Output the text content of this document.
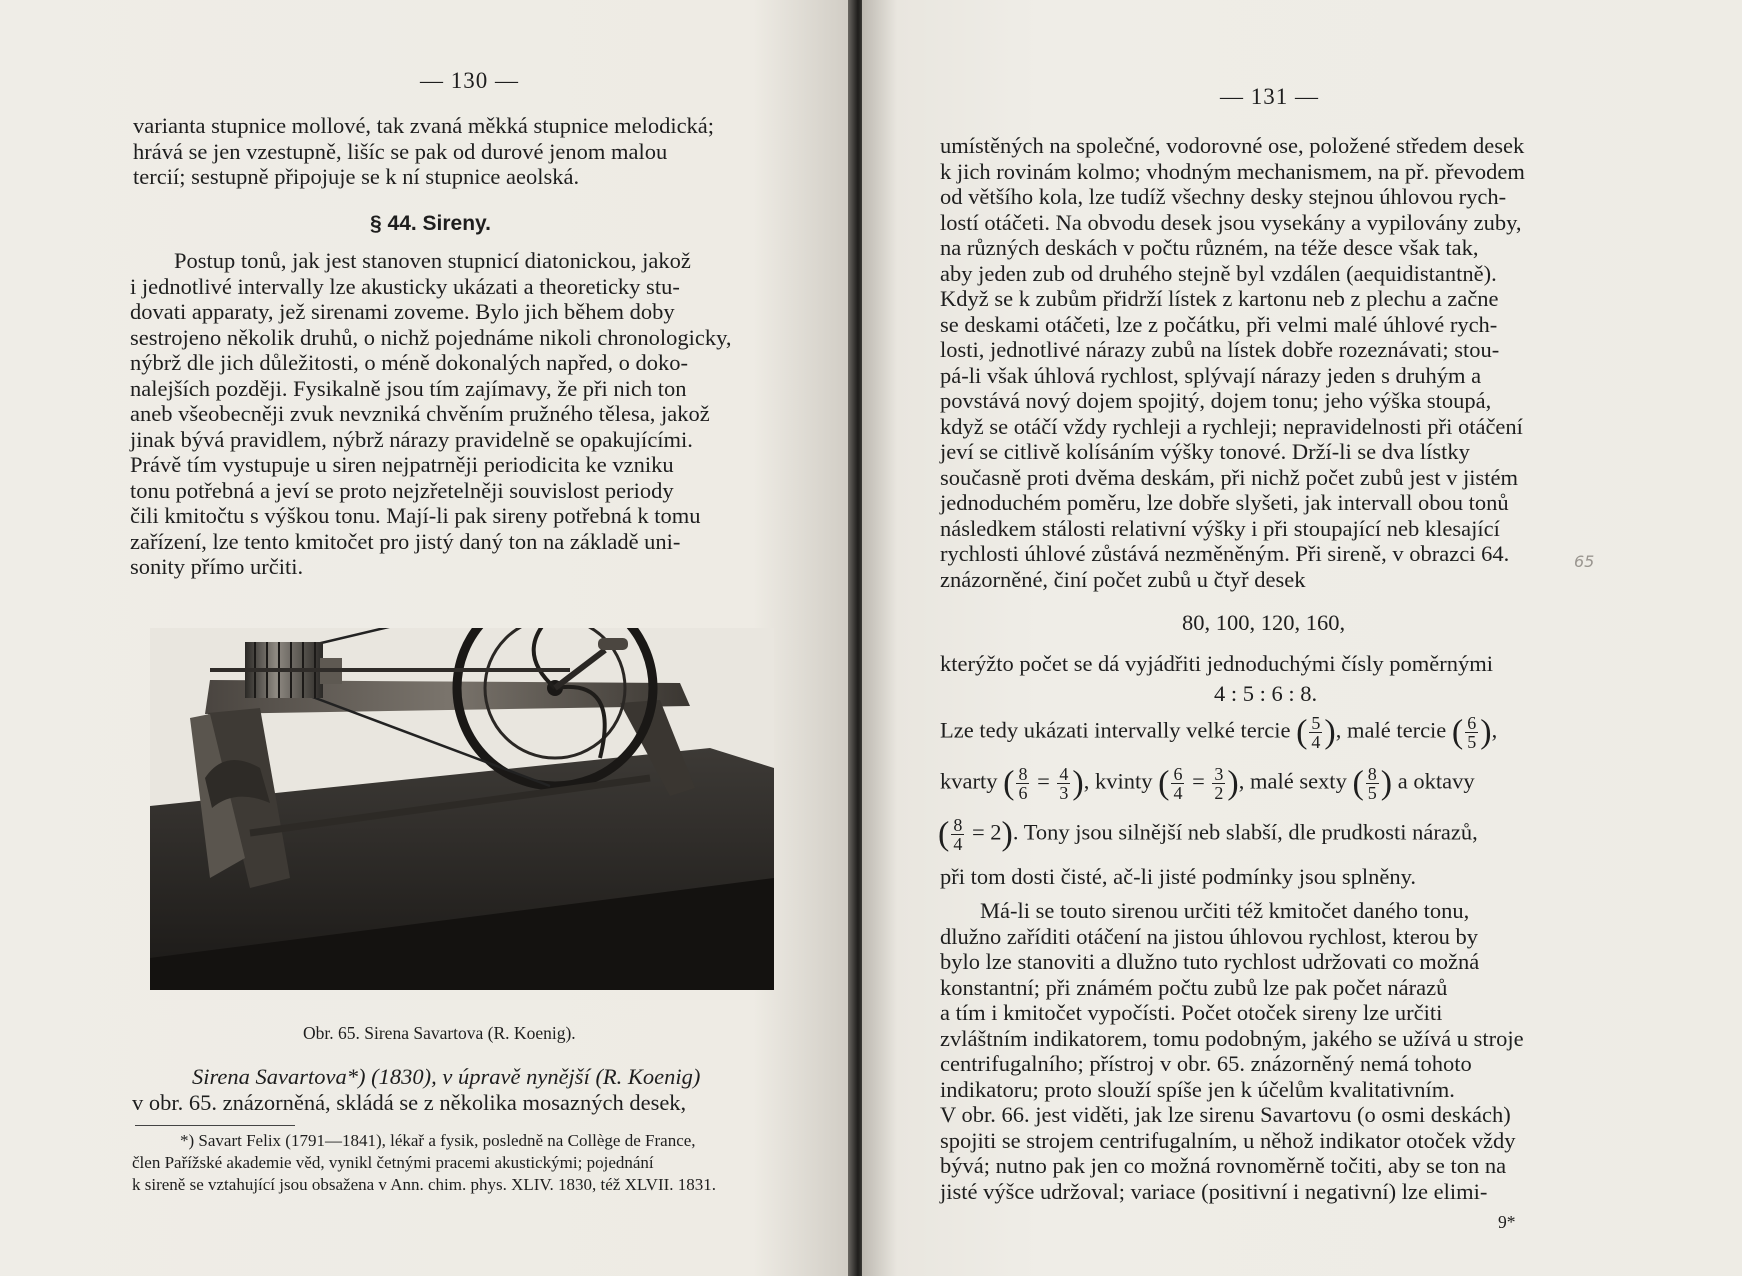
— 130 —
varianta stupnice mollové, tak zvaná měkká stupnice melodická;
hrává se jen vzestupně, lišíc se pak od durové jenom malou
tercií; sestupně připojuje se k ní stupnice aeolská.
§ 44. Sireny.
Postup tonů, jak jest stanoven stupnicí diatonickou, jakož
i jednotlivé intervally lze akusticky ukázati a theoreticky stu-
dovati apparaty, jež sirenami zoveme. Bylo jich během doby
sestrojeno několik druhů, o nichž pojednáme nikoli chronologicky,
nýbrž dle jich důležitosti, o méně dokonalých napřed, o doko-
nalejších později. Fysikalně jsou tím zajímavy, že při nich ton
aneb všeobecněji zvuk nevzniká chvěním pružného tělesa, jakož
jinak bývá pravidlem, nýbrž nárazy pravidelně se opakujícími.
Právě tím vystupuje u siren nejpatrněji periodicita ke vzniku
tonu potřebná a jeví se proto nejzřetelněji souvislost periody
čili kmitočtu s výškou tonu. Mají-li pak sireny potřebná k tomu
zařízení, lze tento kmitočet pro jistý daný ton na základě uni-
sonity přímo určiti.
Obr. 65. Sirena Savartova (R. Koenig).
Sirena Savartova*) (1830), v úpravě nynější (R. Koenig)
v obr. 65. znázorněná, skládá se z několika mosazných desek,
*) Savart Felix (1791—1841), lékař a fysik, posledně na Collège de France,
člen Pařížské akademie věd, vynikl četnými pracemi akustickými; pojednání
k sireně se vztahující jsou obsažena v Ann. chim. phys. XLIV. 1830, též XLVII. 1831.
— 131 —
umístěných na společné, vodorovné ose, položené středem desek
k jich rovinám kolmo; vhodným mechanismem, na př. převodem
od většího kola, lze tudíž všechny desky stejnou úhlovou rych-
lostí otáčeti. Na obvodu desek jsou vysekány a vypilovány zuby,
na různých deskách v počtu různém, na téže desce však tak,
aby jeden zub od druhého stejně byl vzdálen (aequidistantně).
Když se k zubům přidrží lístek z kartonu neb z plechu a začne
se deskami otáčeti, lze z počátku, při velmi malé úhlové rych-
losti, jednotlivé nárazy zubů na lístek dobře rozeznávati; stou-
pá-li však úhlová rychlost, splývají nárazy jeden s druhým a
povstává nový dojem spojitý, dojem tonu; jeho výška stoupá,
když se otáčí vždy rychleji a rychleji; nepravidelnosti při otáčení
jeví se citlivě kolísáním výšky tonové. Drží-li se dva lístky
současně proti dvěma deskám, při nichž počet zubů jest v jistém
jednoduchém poměru, lze dobře slyšeti, jak intervall obou tonů
následkem stálosti relativní výšky i při stoupající neb klesající
rychlosti úhlové zůstává nezměněným. Při sireně, v obrazci 64.
znázorněné, činí počet zubů u čtyř desek
65
80, 100, 120, 160,
kterýžto počet se dá vyjádřiti jednoduchými čísly poměrnými
4 : 5 : 6 : 8.
Lze tedy ukázati intervally velké tercie ( $\frac{5}{4}$ ), malé tercie ( $\frac{6}{5}$ ),
kvarty ( $\frac{8}{6} = \frac{4}{3}$ ), kvinty ( $\frac{6}{4} = \frac{3}{2}$ ), malé sexty ( $\frac{8}{5}$ ) a oktavy
( $\frac{8}{4} = 2$). Tony jsou silnější neb slabší, dle prudkosti nárazů,
při tom dosti čisté, ač-li jisté podmínky jsou splněny.
Má-li se touto sirenou určiti též kmitočet daného tonu,
dlužno zaříditi otáčení na jistou úhlovou rychlost, kterou by
bylo lze stanoviti a dlužno tuto rychlost udržovati co možná
konstantní; při známém počtu zubů lze pak počet nárazů
a tím i kmitočet vypočísti. Počet otoček sireny lze určiti
zvláštním indikatorem, tomu podobným, jakého se užívá u stroje
centrifugalního; přístroj v obr. 65. znázorněný nemá tohoto
indikatoru; proto slouží spíše jen k účelům kvalitativním.
V obr. 66. jest viděti, jak lze sirenu Savartovu (o osmi deskách)
spojiti se strojem centrifugalním, u něhož indikator otoček vždy
bývá; nutno pak jen co možná rovnoměrně točiti, aby se ton na
jisté výšce udržoval; variace (positivní i negativní) lze elimi-
9*
